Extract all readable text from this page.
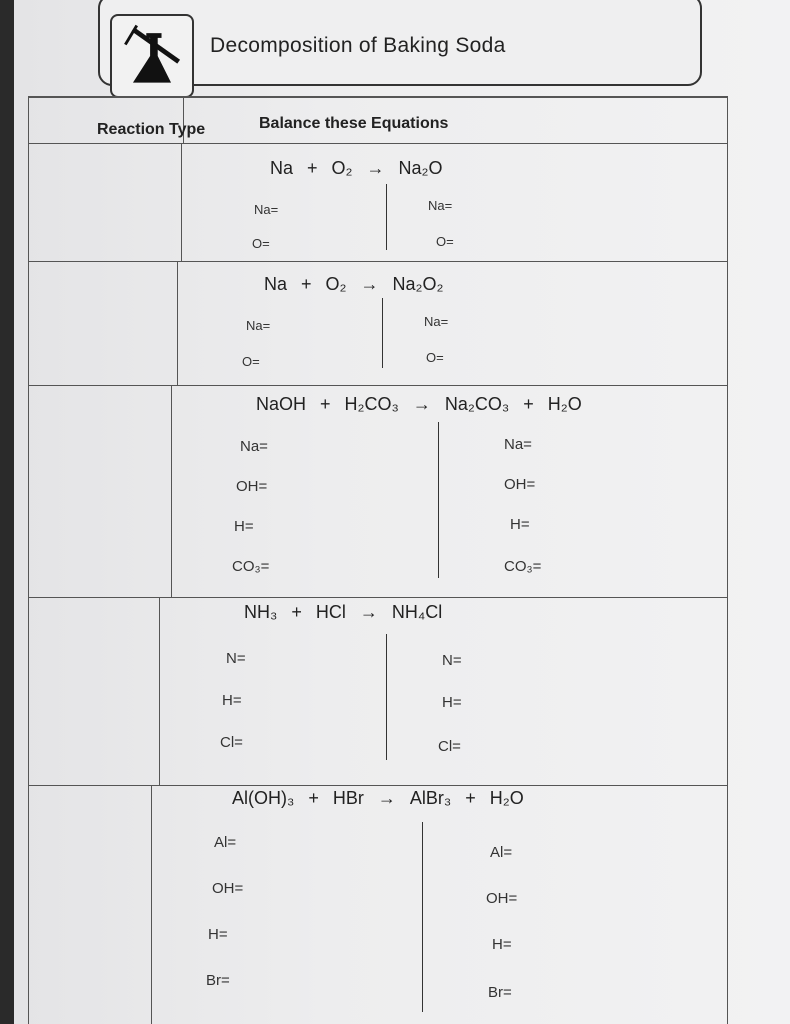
Decomposition of Baking Soda
Reaction Type	Balance these Equations
Na + O₂ → Na₂O
Na=
O=
Na=
O=
Na + O₂ → Na₂O₂
Na=
O=
Na=
O=
NaOH + H₂CO₃ → Na₂CO₃ + H₂O
Na=
OH=
H=
CO₃=
Na=
OH=
H=
CO₃=
NH₃ + HCl → NH₄Cl
N=
H=
Cl=
N=
H=
Cl=
Al(OH)₃ + HBr → AlBr₃ + H₂O
Al=
OH=
H=
Br=
Al=
OH=
H=
Br=
